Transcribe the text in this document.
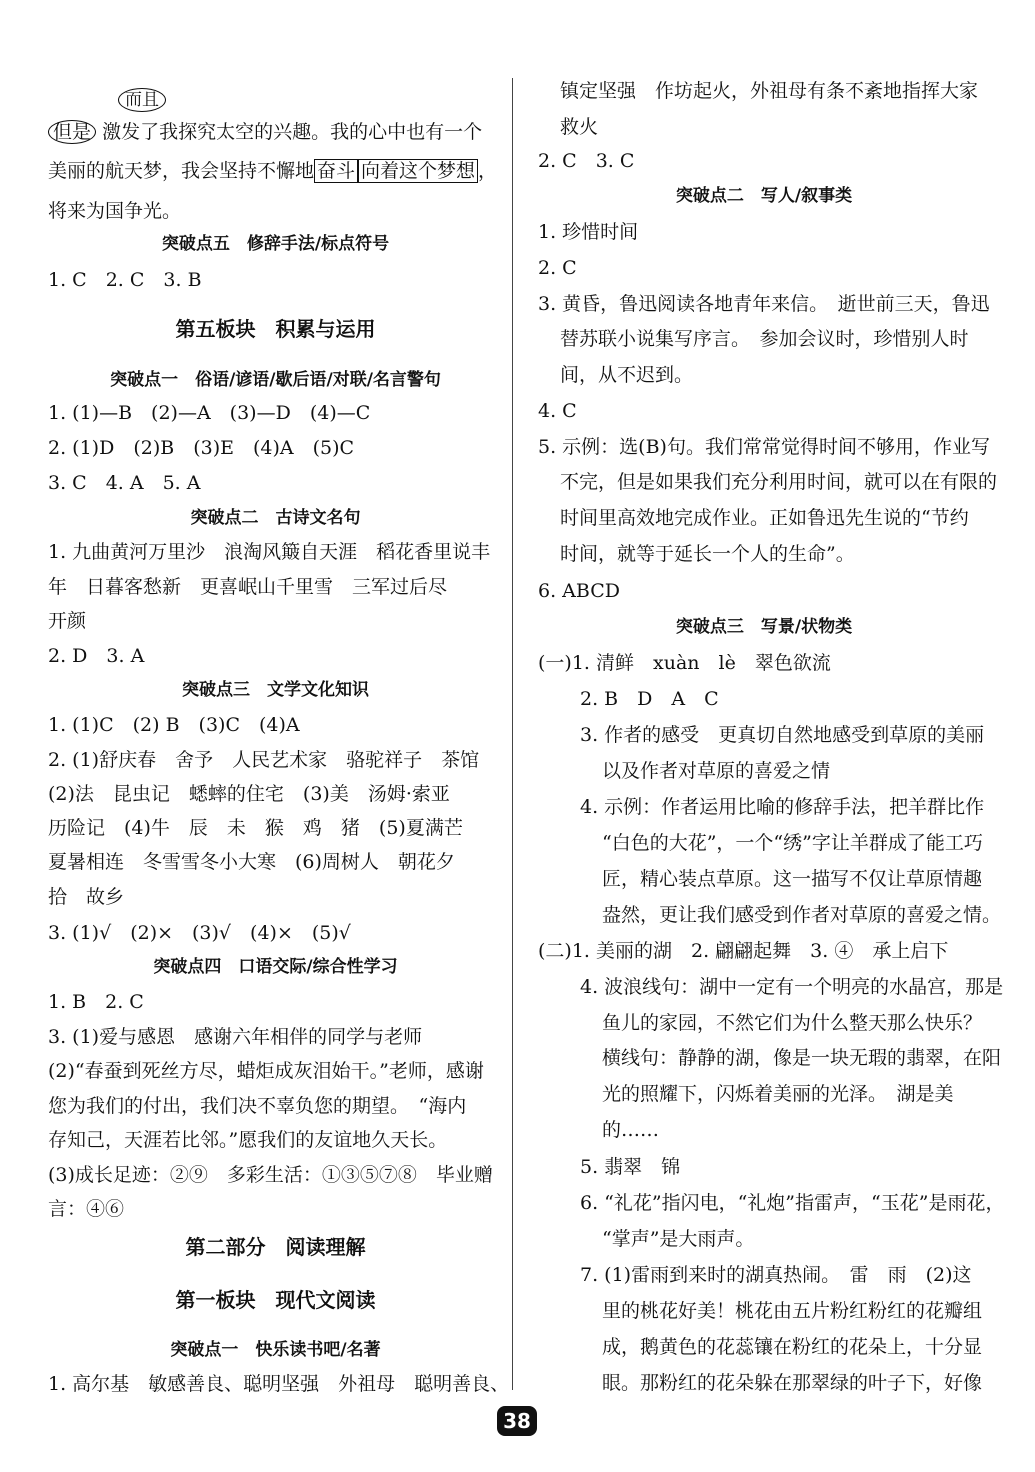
而且
但是 激发了我探究太空的兴趣。我的心中也有一个
美丽的航天梦，我会坚持不懈地 奋斗 向着这个梦想 ，
将来为国争光。
突破点五　修辞手法/标点符号
1. C　2. C　3. B
第五板块　积累与运用
突破点一　俗语/谚语/歇后语/对联/名言警句
1. (1)—B　(2)—A　(3)—D　(4)—C
2. (1)D　(2)B　(3)E　(4)A　(5)C
3. C　4. A　5. A
突破点二　古诗文名句
1. 九曲黄河万里沙　浪淘风簸自天涯　稻花香里说丰
年　日暮客愁新　更喜岷山千里雪　三军过后尽
开颜
2. D　3. A
突破点三　文学文化知识
1. (1)C　(2) B　(3)C　(4)A
2. (1)舒庆春　舍予　人民艺术家　骆驼祥子　茶馆
(2)法　昆虫记　蟋蟀的住宅　(3)美　汤姆·索亚
历险记　(4)牛　辰　未　猴　鸡　猪　(5)夏满芒
夏暑相连　冬雪雪冬小大寒　(6)周树人　朝花夕
拾　故乡
3. (1)√　(2)×　(3)√　(4)×　(5)√
突破点四　口语交际/综合性学习
1. B　2. C
3. (1)爱与感恩　感谢六年相伴的同学与老师
(2)“春蚕到死丝方尽，蜡炬成灰泪始干。”老师，感谢
您为我们的付出，我们决不辜负您的期望。　“海内
存知己，天涯若比邻。”愿我们的友谊地久天长。
(3)成长足迹：②⑨　多彩生活：①③⑤⑦⑧　毕业赠
言：④⑥
第二部分　阅读理解
第一板块　现代文阅读
突破点一　快乐读书吧/名著
1. 高尔基　敏感善良、聪明坚强　外祖母　聪明善良、
镇定坚强　作坊起火，外祖母有条不紊地指挥大家
救火
2. C　3. C
突破点二　写人/叙事类
1. 珍惜时间
2. C
3. 黄昏，鲁迅阅读各地青年来信。　逝世前三天，鲁迅
替苏联小说集写序言。　参加会议时，珍惜别人时
间，从不迟到。
4. C
5. 示例：选(B)句。我们常常觉得时间不够用，作业写
不完，但是如果我们充分利用时间，就可以在有限的
时间里高效地完成作业。正如鲁迅先生说的“节约
时间，就等于延长一个人的生命”。
6. ABCD
突破点三　写景/状物类
(一)1. 清鲜　xuàn　lè　翠色欲流
2. B　D　A　C
3. 作者的感受　更真切自然地感受到草原的美丽
以及作者对草原的喜爱之情
4. 示例：作者运用比喻的修辞手法，把羊群比作
“白色的大花”，一个“绣”字让羊群成了能工巧
匠，精心装点草原。这一描写不仅让草原情趣
盎然，更让我们感受到作者对草原的喜爱之情。
(二)1. 美丽的湖　2. 翩翩起舞　3. ④　承上启下
4. 波浪线句：湖中一定有一个明亮的水晶宫，那是
鱼儿的家园，不然它们为什么整天那么快乐？
横线句：静静的湖，像是一块无瑕的翡翠，在阳
光的照耀下，闪烁着美丽的光泽。　湖是美
的……
5. 翡翠　锦
6. “礼花”指闪电，“礼炮”指雷声，“玉花”是雨花，
“掌声”是大雨声。
7. (1)雷雨到来时的湖真热闹。　雷　雨　(2)这
里的桃花好美！桃花由五片粉红粉红的花瓣组
成，鹅黄色的花蕊镶在粉红的花朵上，十分显
眼。那粉红的花朵躲在那翠绿的叶子下，好像
38
